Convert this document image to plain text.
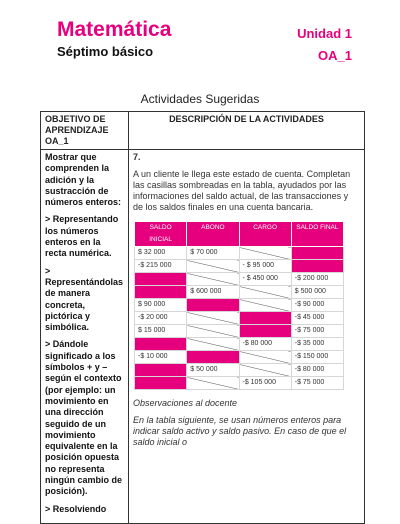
Matemática
Séptimo básico
Unidad 1
OA_1
Actividades Sugeridas
OBJETIVO DE APRENDIZAJE OA_1	DESCRIPCIÓN DE LA ACTIVIDADES

Mostrar que comprenden la adición y la sustracción de números enteros:

> Representando los números enteros en la recta numérica.

> Representándolas de manera concreta, pictórica y simbólica.

> Dándole significado a los símbolos + y – según el contexto (por ejemplo: un movimiento en una dirección seguido de un movimiento equivalente en la posición opuesta no representa ningún cambio de posición).

> Resolviendo

7.

A un cliente le llega este estado de cuenta. Completan las casillas sombreadas en la tabla, ayudados por las informaciones del saldo actual, de las transacciones y de los saldos finales en una cuenta bancaria.

SALDO INICIAL	ABONO	CARGO	SALDO FINAL
$ 32 000	$ 70 000		
-$ 215 000		- $ 95 000	
		- $ 450 000	-$ 200 000
	$ 600 000		$ 500 000
$ 90 000			-$ 90 000
-$ 20 000			-$ 45 000
$ 15 000			-$ 75 000
		-$ 80 000	-$ 35 000
-$ 10 000			-$ 150 000
	$ 50 000		-$ 80 000
		-$ 105 000	-$ 75 000

Observaciones al docente

En la tabla siguiente, se usan números enteros para indicar saldo activo y saldo pasivo. En caso de que el saldo inicial o
